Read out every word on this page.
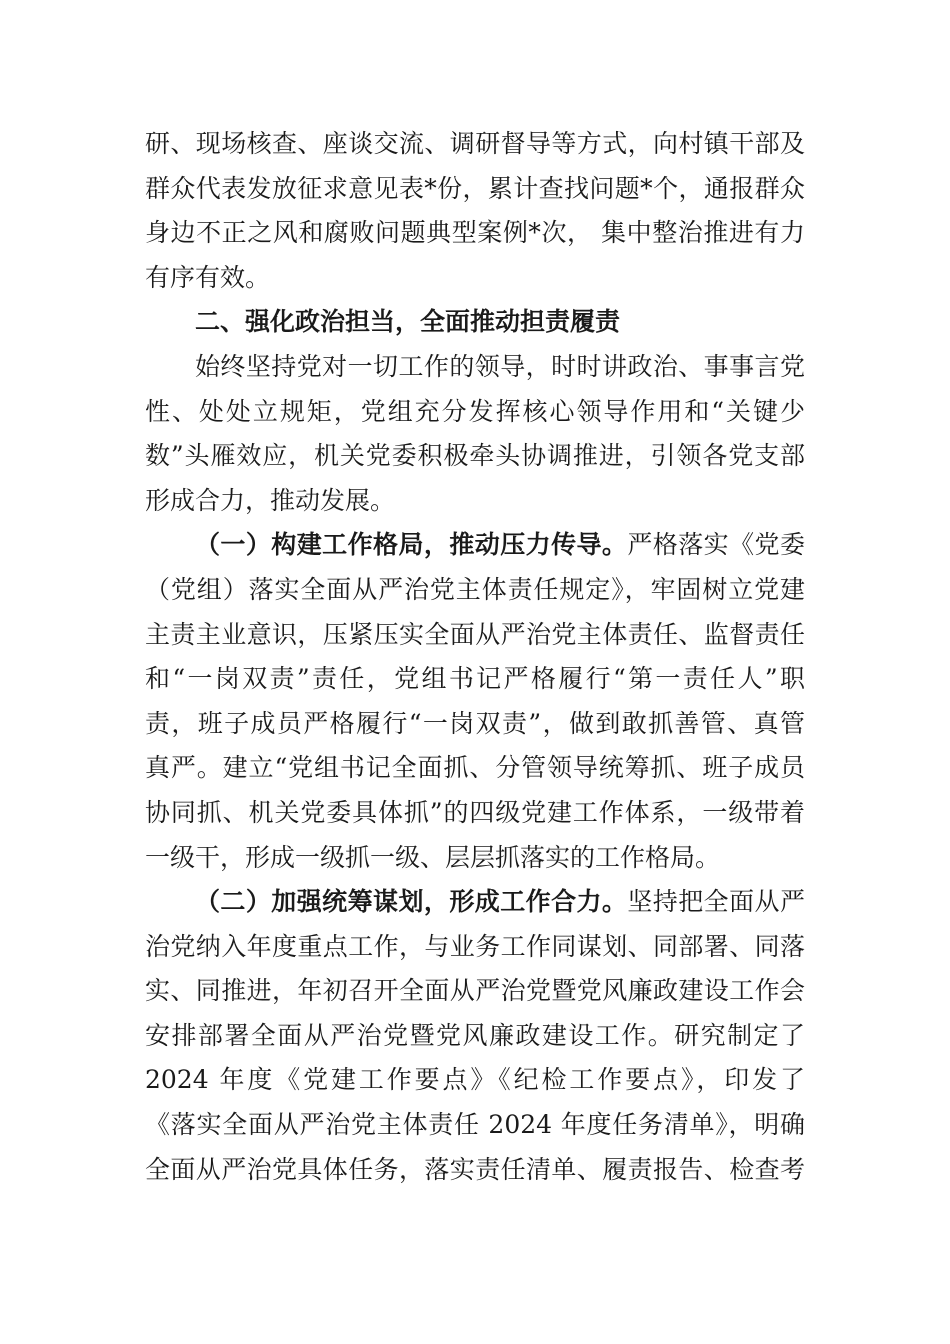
研、现场核查、座谈交流、调研督导等方式，向村镇干部及
群众代表发放征求意见表*份，累计查找问题*个，通报群众
身边不正之风和腐败问题典型案例*次， 集中整治推进有力
有序有效。
二、强化政治担当，全面推动担责履责
始终坚持党对一切工作的领导，时时讲政治、事事言党
性、处处立规矩，党组充分发挥核心领导作用和“关键少
数”头雁效应，机关党委积极牵头协调推进，引领各党支部
形成合力，推动发展。
（一）构建工作格局，推动压力传导。严格落实《党委
（党组）落实全面从严治党主体责任规定》，牢固树立党建
主责主业意识，压紧压实全面从严治党主体责任、监督责任
和“一岗双责”责任，党组书记严格履行“第一责任人”职
责，班子成员严格履行“一岗双责”，做到敢抓善管、真管
真严。建立“党组书记全面抓、分管领导统筹抓、班子成员
协同抓、机关党委具体抓”的四级党建工作体系，一级带着
一级干，形成一级抓一级、层层抓落实的工作格局。
（二）加强统筹谋划，形成工作合力。坚持把全面从严
治党纳入年度重点工作，与业务工作同谋划、同部署、同落
实、同推进，年初召开全面从严治党暨党风廉政建设工作会
安排部署全面从严治党暨党风廉政建设工作。研究制定了
2024 年度《党建工作要点》《纪检工作要点》，印发了
《落实全面从严治党主体责任 2024 年度任务清单》，明确
全面从严治党具体任务，落实责任清单、履责报告、检查考
